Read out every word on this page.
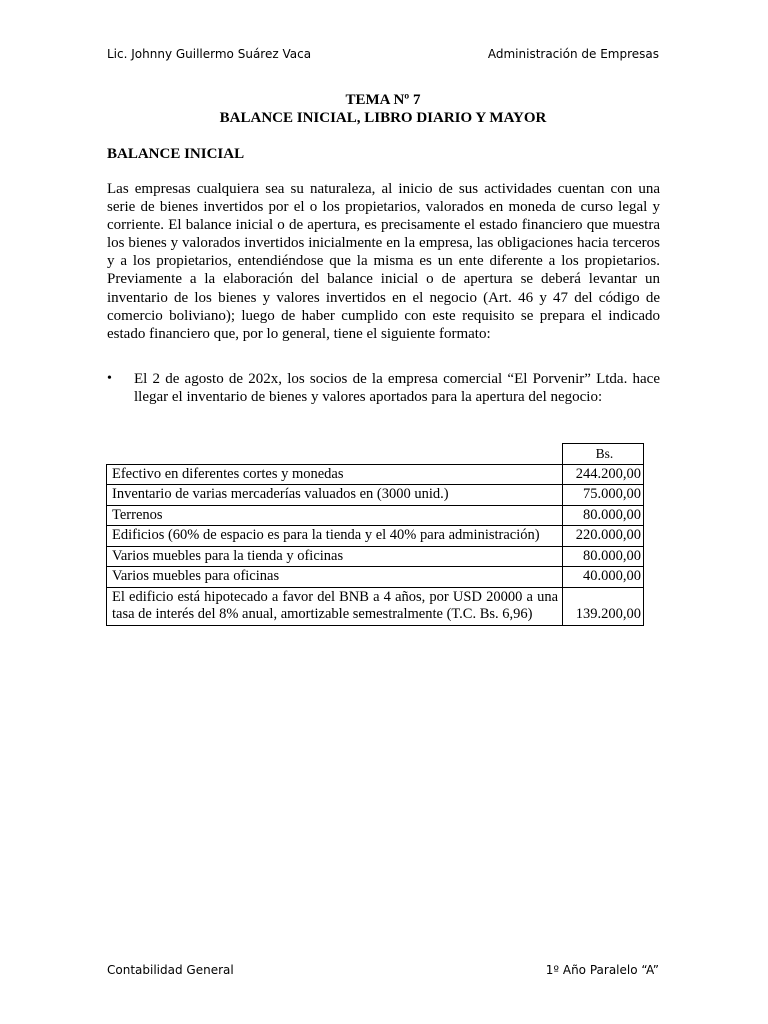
Lic. Johnny Guillermo Suárez Vaca	Administración de Empresas
TEMA Nº 7
BALANCE INICIAL, LIBRO DIARIO Y MAYOR
BALANCE INICIAL
Las empresas cualquiera sea su naturaleza, al inicio de sus actividades cuentan con una serie de bienes invertidos por el o los propietarios, valorados en moneda de curso legal y corriente. El balance inicial o de apertura, es precisamente el estado financiero que muestra los bienes y valorados invertidos inicialmente en la empresa, las obligaciones hacia terceros y a los propietarios, entendiéndose que la misma es un ente diferente a los propietarios. Previamente a la elaboración del balance inicial o de apertura se deberá levantar un inventario de los bienes y valores invertidos en el negocio (Art. 46 y 47 del código de comercio boliviano); luego de haber cumplido con este requisito se prepara el indicado estado financiero que, por lo general, tiene el siguiente formato:
• El 2 de agosto de 202x, los socios de la empresa comercial “El Porvenir” Ltda. hace llegar el inventario de bienes y valores aportados para la apertura del negocio:
	Bs.
Efectivo en diferentes cortes y monedas	244.200,00
Inventario de varias mercaderías valuados en (3000 unid.)	75.000,00
Terrenos	80.000,00
Edificios (60% de espacio es para la tienda y el 40% para administración)	220.000,00
Varios muebles para la tienda y oficinas	80.000,00
Varios muebles para oficinas	40.000,00
El edificio está hipotecado a favor del BNB a 4 años, por USD 20000 a una tasa de interés del 8% anual, amortizable semestralmente (T.C. Bs. 6,96)	139.200,00
Contabilidad General	1º Año Paralelo “A”
